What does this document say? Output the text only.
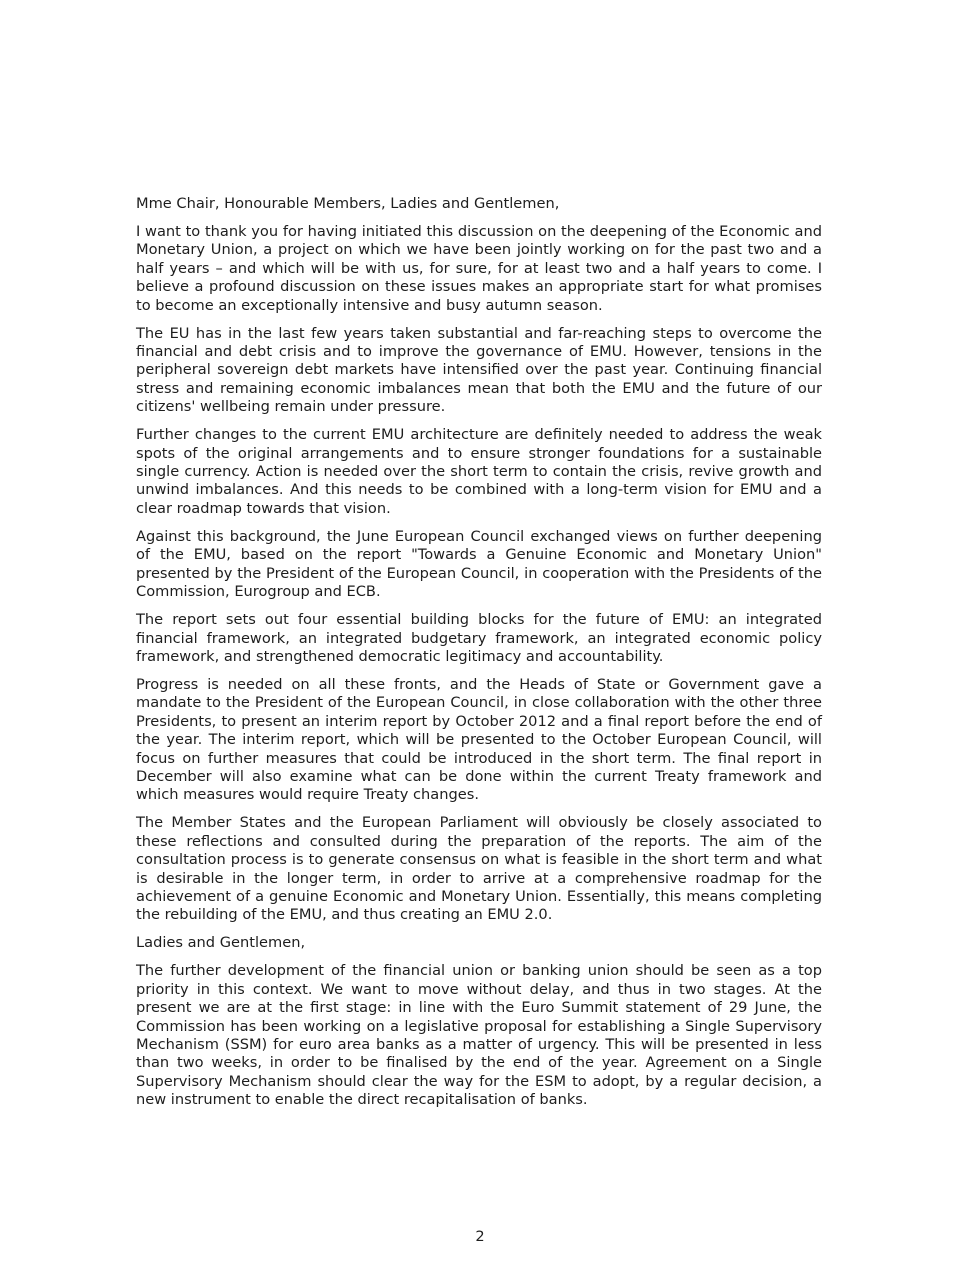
Mme Chair, Honourable Members, Ladies and Gentlemen,

I want to thank you for having initiated this discussion on the deepening of the Economic and Monetary Union, a project on which we have been jointly working on for the past two and a half years – and which will be with us, for sure, for at least two and a half years to come. I believe a profound discussion on these issues makes an appropriate start for what promises to become an exceptionally intensive and busy autumn season.

The EU has in the last few years taken substantial and far-reaching steps to overcome the financial and debt crisis and to improve the governance of EMU. However, tensions in the peripheral sovereign debt markets have intensified over the past year. Continuing financial stress and remaining economic imbalances mean that both the EMU and the future of our citizens' wellbeing remain under pressure.

Further changes to the current EMU architecture are definitely needed to address the weak spots of the original arrangements and to ensure stronger foundations for a sustainable single currency. Action is needed over the short term to contain the crisis, revive growth and unwind imbalances. And this needs to be combined with a long-term vision for EMU and a clear roadmap towards that vision.

Against this background, the June European Council exchanged views on further deepening of the EMU, based on the report "Towards a Genuine Economic and Monetary Union" presented by the President of the European Council, in cooperation with the Presidents of the Commission, Eurogroup and ECB.

The report sets out four essential building blocks for the future of EMU: an integrated financial framework, an integrated budgetary framework, an integrated economic policy framework, and strengthened democratic legitimacy and accountability.

Progress is needed on all these fronts, and the Heads of State or Government gave a mandate to the President of the European Council, in close collaboration with the other three Presidents, to present an interim report by October 2012 and a final report before the end of the year. The interim report, which will be presented to the October European Council, will focus on further measures that could be introduced in the short term. The final report in December will also examine what can be done within the current Treaty framework and which measures would require Treaty changes.

The Member States and the European Parliament will obviously be closely associated to these reflections and consulted during the preparation of the reports. The aim of the consultation process is to generate consensus on what is feasible in the short term and what is desirable in the longer term, in order to arrive at a comprehensive roadmap for the achievement of a genuine Economic and Monetary Union. Essentially, this means completing the rebuilding of the EMU, and thus creating an EMU 2.0.

Ladies and Gentlemen,

The further development of the financial union or banking union should be seen as a top priority in this context. We want to move without delay, and thus in two stages. At the present we are at the first stage: in line with the Euro Summit statement of 29 June, the Commission has been working on a legislative proposal for establishing a Single Supervisory Mechanism (SSM) for euro area banks as a matter of urgency. This will be presented in less than two weeks, in order to be finalised by the end of the year. Agreement on a Single Supervisory Mechanism should clear the way for the ESM to adopt, by a regular decision, a new instrument to enable the direct recapitalisation of banks.

2
